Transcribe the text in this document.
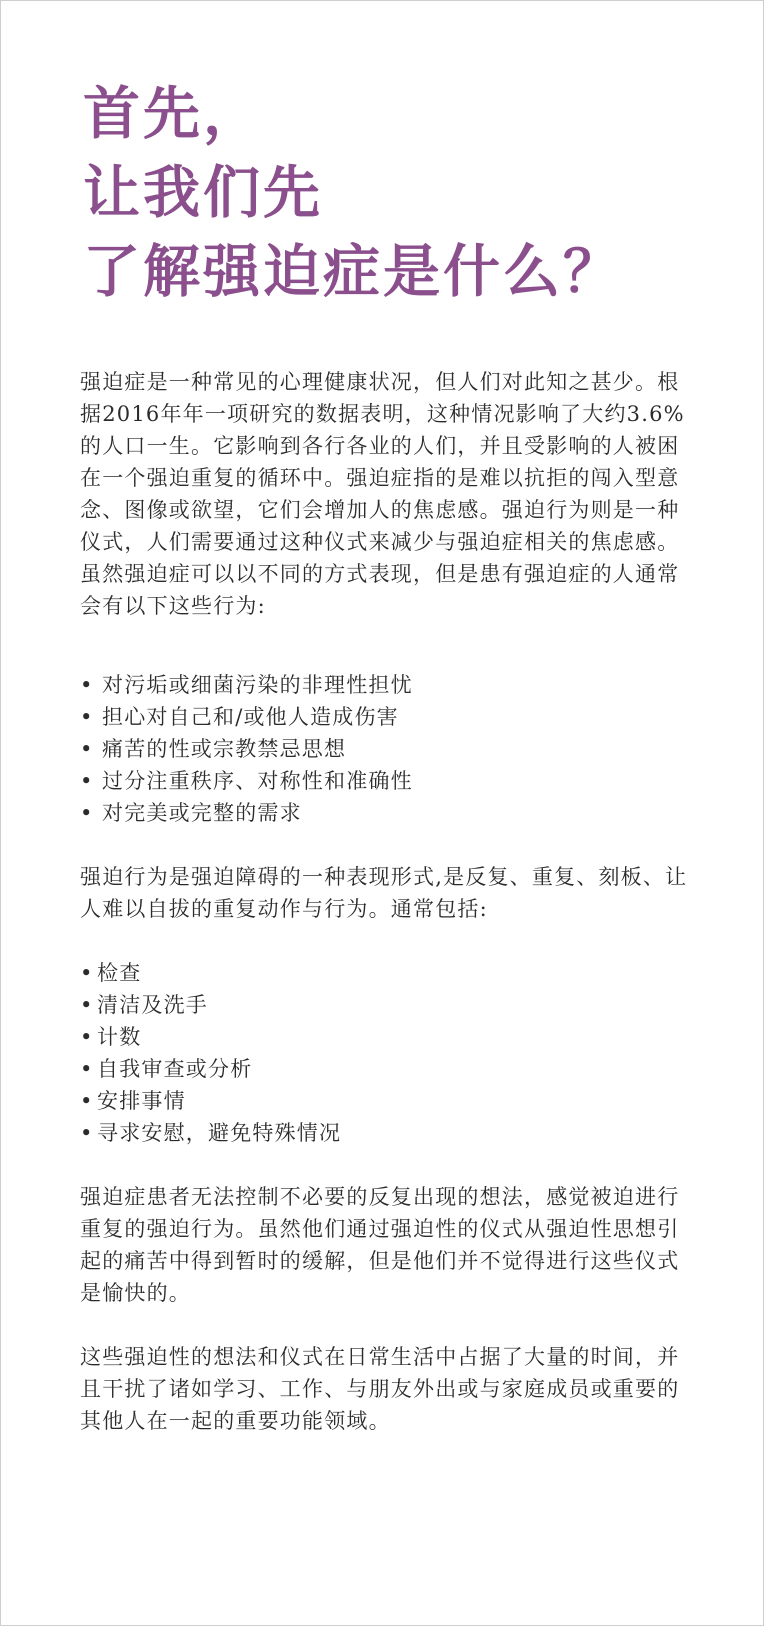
首先，
让我们先
了解强迫症是什么？

强迫症是一种常见的心理健康状况，但人们对此知之甚少。根据2016年年一项研究的数据表明，这种情况影响了大约3.6% 的人口一生。它影响到各行各业的人们，并且受影响的人被困在一个强迫重复的循环中。强迫症指的是难以抗拒的闯入型意念、图像或欲望，它们会增加人的焦虑感。强迫行为则是一种仪式，人们需要通过这种仪式来减少与强迫症相关的焦虑感。虽然强迫症可以以不同的方式表现，但是患有强迫症的人通常会有以下这些行为:

• 对污垢或细菌污染的非理性担忧
• 担心对自己和/或他人造成伤害
• 痛苦的性或宗教禁忌思想
• 过分注重秩序、对称性和准确性
• 对完美或完整的需求

强迫行为是强迫障碍的一种表现形式,是反复、重复、刻板、让人难以自拔的重复动作与行为。通常包括:

• 检查
• 清洁及洗手
• 计数
• 自我审查或分析
• 安排事情
• 寻求安慰，避免特殊情况

强迫症患者无法控制不必要的反复出现的想法，感觉被迫进行重复的强迫行为。虽然他们通过强迫性的仪式从强迫性思想引起的痛苦中得到暂时的缓解，但是他们并不觉得进行这些仪式是愉快的。

这些强迫性的想法和仪式在日常生活中占据了大量的时间，并且干扰了诸如学习、工作、与朋友外出或与家庭成员或重要的其他人在一起的重要功能领域。
